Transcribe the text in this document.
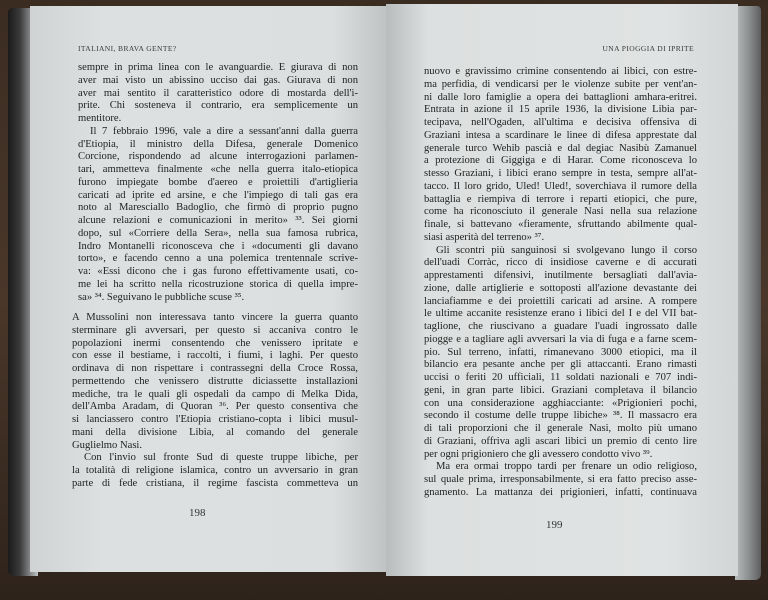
ITALIANI, BRAVA GENTE?
sempre in prima linea con le avanguardie. E giurava di non
aver mai visto un abissino ucciso dai gas. Giurava di non
aver mai sentito il caratteristico odore di mostarda dell'i-
prite. Chi sosteneva il contrario, era semplicemente un
mentitore.
Il 7 febbraio 1996, vale a dire a sessant'anni dalla guerra
d'Etiopia, il ministro della Difesa, generale Domenico
Corcione, rispondendo ad alcune interrogazioni parlamen-
tari, ammetteva finalmente «che nella guerra italo-etiopica
furono impiegate bombe d'aereo e proiettili d'artiglieria
caricati ad iprite ed arsine, e che l'impiego di tali gas era
noto al Maresciallo Badoglio, che firmò di proprio pugno
alcune relazioni e comunicazioni in merito» ³³. Sei giorni
dopo, sul «Corriere della Sera», nella sua famosa rubrica,
Indro Montanelli riconosceva che i «documenti gli davano
torto», e facendo cenno a una polemica trentennale scrive-
va: «Essi dicono che i gas furono effettivamente usati, co-
me lei ha scritto nella ricostruzione storica di quella impre-
sa» ³⁴. Seguivano le pubbliche scuse ³⁵.
A Mussolini non interessava tanto vincere la guerra quanto
sterminare gli avversari, per questo si accaniva contro le
popolazioni inermi consentendo che venissero ipritate e
con esse il bestiame, i raccolti, i fiumi, i laghi. Per questo
ordinava di non rispettare i contrassegni della Croce Rossa,
permettendo che venissero distrutte diciassette installazioni
mediche, tra le quali gli ospedali da campo di Melka Dida,
dell'Amba Aradam, di Quoran ³⁶. Per questo consentiva che
si lanciassero contro l'Etiopia cristiano-copta i libici musul-
mani della divisione Libia, al comando del generale
Guglielmo Nasi.
Con l'invio sul fronte Sud di queste truppe libiche, per
la totalità di religione islamica, contro un avversario in gran
parte di fede cristiana, il regime fascista commetteva un
198
UNA PIOGGIA DI IPRITE
nuovo e gravissimo crimine consentendo ai libici, con estre-
ma perfidia, di vendicarsi per le violenze subite per vent'an-
ni dalle loro famiglie a opera dei battaglioni amhara-eritrei.
Entrata in azione il 15 aprile 1936, la divisione Libia par-
tecipava, nell'Ogaden, all'ultima e decisiva offensiva di
Graziani intesa a scardinare le linee di difesa apprestate dal
generale turco Wehib pascià e dal degiac Nasibù Zamanuel
a protezione di Giggiga e di Harar. Come riconosceva lo
stesso Graziani, i libici erano sempre in testa, sempre all'at-
tacco. Il loro grido, Uled! Uled!, soverchiava il rumore della
battaglia e riempiva di terrore i reparti etiopici, che pure,
come ha riconosciuto il generale Nasi nella sua relazione
finale, si battevano «fieramente, sfruttando abilmente qual-
siasi asperità del terreno» ³⁷.
Gli scontri più sanguinosi si svolgevano lungo il corso
dell'uadi Corràc, ricco di insidiose caverne e di accurati
apprestamenti difensivi, inutilmente bersagliati dall'avia-
zione, dalle artiglierie e sottoposti all'azione devastante dei
lanciafiamme e dei proiettili caricati ad arsine. A rompere
le ultime accanite resistenze erano i libici del I e del VII bat-
taglione, che riuscivano a guadare l'uadi ingrossato dalle
piogge e a tagliare agli avversari la via di fuga e a farne scem-
pio. Sul terreno, infatti, rimanevano 3000 etiopici, ma il
bilancio era pesante anche per gli attaccanti. Erano rimasti
uccisi o feriti 20 ufficiali, 11 soldati nazionali e 707 indi-
geni, in gran parte libici. Graziani completava il bilancio
con una considerazione agghiacciante: «Prigionieri pochi,
secondo il costume delle truppe libiche» ³⁸. Il massacro era
di tali proporzioni che il generale Nasi, molto più umano
di Graziani, offriva agli ascari libici un premio di cento lire
per ogni prigioniero che gli avessero condotto vivo ³⁹.
Ma era ormai troppo tardi per frenare un odio religioso,
sul quale prima, irresponsabilmente, si era fatto preciso asse-
gnamento. La mattanza dei prigionieri, infatti, continuava
199
